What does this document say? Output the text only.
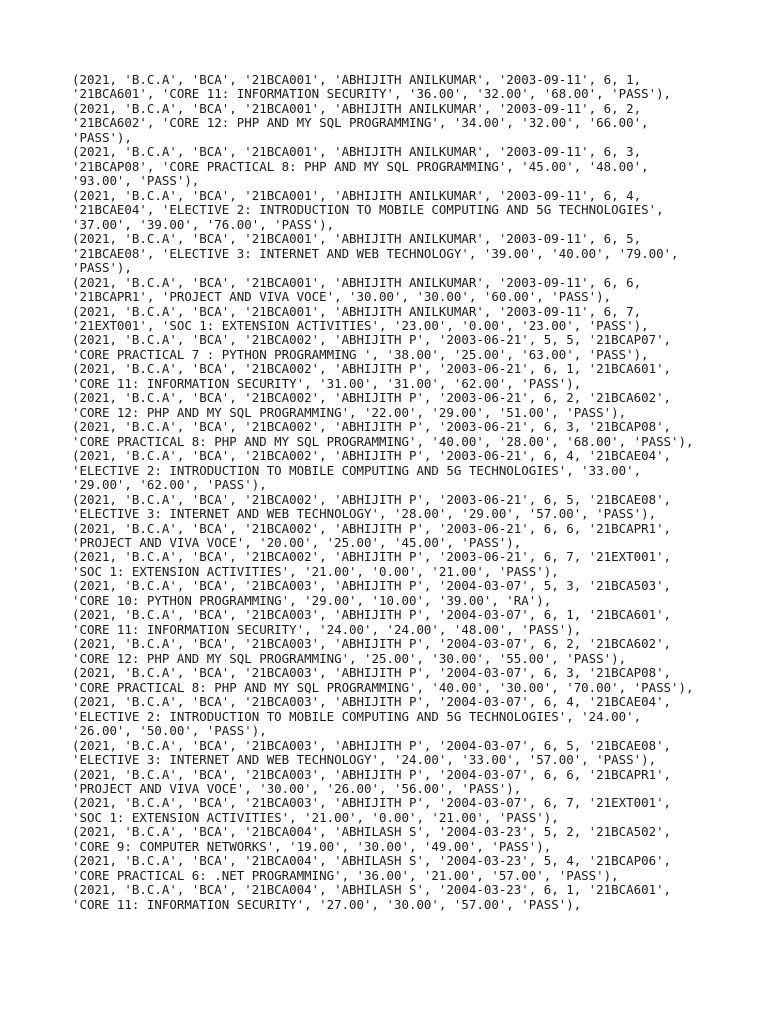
(2021, 'B.C.A', 'BCA', '21BCA001', 'ABHIJITH ANILKUMAR', '2003-09-11', 6, 1,
'21BCA601', 'CORE 11: INFORMATION SECURITY', '36.00', '32.00', '68.00', 'PASS'),
(2021, 'B.C.A', 'BCA', '21BCA001', 'ABHIJITH ANILKUMAR', '2003-09-11', 6, 2,
'21BCA602', 'CORE 12: PHP AND MY SQL PROGRAMMING', '34.00', '32.00', '66.00',
'PASS'),
(2021, 'B.C.A', 'BCA', '21BCA001', 'ABHIJITH ANILKUMAR', '2003-09-11', 6, 3,
'21BCAP08', 'CORE PRACTICAL 8: PHP AND MY SQL PROGRAMMING', '45.00', '48.00',
'93.00', 'PASS'),
(2021, 'B.C.A', 'BCA', '21BCA001', 'ABHIJITH ANILKUMAR', '2003-09-11', 6, 4,
'21BCAE04', 'ELECTIVE 2: INTRODUCTION TO MOBILE COMPUTING AND 5G TECHNOLOGIES',
'37.00', '39.00', '76.00', 'PASS'),
(2021, 'B.C.A', 'BCA', '21BCA001', 'ABHIJITH ANILKUMAR', '2003-09-11', 6, 5,
'21BCAE08', 'ELECTIVE 3: INTERNET AND WEB TECHNOLOGY', '39.00', '40.00', '79.00',
'PASS'),
(2021, 'B.C.A', 'BCA', '21BCA001', 'ABHIJITH ANILKUMAR', '2003-09-11', 6, 6,
'21BCAPR1', 'PROJECT AND VIVA VOCE', '30.00', '30.00', '60.00', 'PASS'),
(2021, 'B.C.A', 'BCA', '21BCA001', 'ABHIJITH ANILKUMAR', '2003-09-11', 6, 7,
'21EXT001', 'SOC 1: EXTENSION ACTIVITIES', '23.00', '0.00', '23.00', 'PASS'),
(2021, 'B.C.A', 'BCA', '21BCA002', 'ABHIJITH P', '2003-06-21', 5, 5, '21BCAP07',
'CORE PRACTICAL 7 : PYTHON PROGRAMMING ', '38.00', '25.00', '63.00', 'PASS'),
(2021, 'B.C.A', 'BCA', '21BCA002', 'ABHIJITH P', '2003-06-21', 6, 1, '21BCA601',
'CORE 11: INFORMATION SECURITY', '31.00', '31.00', '62.00', 'PASS'),
(2021, 'B.C.A', 'BCA', '21BCA002', 'ABHIJITH P', '2003-06-21', 6, 2, '21BCA602',
'CORE 12: PHP AND MY SQL PROGRAMMING', '22.00', '29.00', '51.00', 'PASS'),
(2021, 'B.C.A', 'BCA', '21BCA002', 'ABHIJITH P', '2003-06-21', 6, 3, '21BCAP08',
'CORE PRACTICAL 8: PHP AND MY SQL PROGRAMMING', '40.00', '28.00', '68.00', 'PASS'),
(2021, 'B.C.A', 'BCA', '21BCA002', 'ABHIJITH P', '2003-06-21', 6, 4, '21BCAE04',
'ELECTIVE 2: INTRODUCTION TO MOBILE COMPUTING AND 5G TECHNOLOGIES', '33.00',
'29.00', '62.00', 'PASS'),
(2021, 'B.C.A', 'BCA', '21BCA002', 'ABHIJITH P', '2003-06-21', 6, 5, '21BCAE08',
'ELECTIVE 3: INTERNET AND WEB TECHNOLOGY', '28.00', '29.00', '57.00', 'PASS'),
(2021, 'B.C.A', 'BCA', '21BCA002', 'ABHIJITH P', '2003-06-21', 6, 6, '21BCAPR1',
'PROJECT AND VIVA VOCE', '20.00', '25.00', '45.00', 'PASS'),
(2021, 'B.C.A', 'BCA', '21BCA002', 'ABHIJITH P', '2003-06-21', 6, 7, '21EXT001',
'SOC 1: EXTENSION ACTIVITIES', '21.00', '0.00', '21.00', 'PASS'),
(2021, 'B.C.A', 'BCA', '21BCA003', 'ABHIJITH P', '2004-03-07', 5, 3, '21BCA503',
'CORE 10: PYTHON PROGRAMMING', '29.00', '10.00', '39.00', 'RA'),
(2021, 'B.C.A', 'BCA', '21BCA003', 'ABHIJITH P', '2004-03-07', 6, 1, '21BCA601',
'CORE 11: INFORMATION SECURITY', '24.00', '24.00', '48.00', 'PASS'),
(2021, 'B.C.A', 'BCA', '21BCA003', 'ABHIJITH P', '2004-03-07', 6, 2, '21BCA602',
'CORE 12: PHP AND MY SQL PROGRAMMING', '25.00', '30.00', '55.00', 'PASS'),
(2021, 'B.C.A', 'BCA', '21BCA003', 'ABHIJITH P', '2004-03-07', 6, 3, '21BCAP08',
'CORE PRACTICAL 8: PHP AND MY SQL PROGRAMMING', '40.00', '30.00', '70.00', 'PASS'),
(2021, 'B.C.A', 'BCA', '21BCA003', 'ABHIJITH P', '2004-03-07', 6, 4, '21BCAE04',
'ELECTIVE 2: INTRODUCTION TO MOBILE COMPUTING AND 5G TECHNOLOGIES', '24.00',
'26.00', '50.00', 'PASS'),
(2021, 'B.C.A', 'BCA', '21BCA003', 'ABHIJITH P', '2004-03-07', 6, 5, '21BCAE08',
'ELECTIVE 3: INTERNET AND WEB TECHNOLOGY', '24.00', '33.00', '57.00', 'PASS'),
(2021, 'B.C.A', 'BCA', '21BCA003', 'ABHIJITH P', '2004-03-07', 6, 6, '21BCAPR1',
'PROJECT AND VIVA VOCE', '30.00', '26.00', '56.00', 'PASS'),
(2021, 'B.C.A', 'BCA', '21BCA003', 'ABHIJITH P', '2004-03-07', 6, 7, '21EXT001',
'SOC 1: EXTENSION ACTIVITIES', '21.00', '0.00', '21.00', 'PASS'),
(2021, 'B.C.A', 'BCA', '21BCA004', 'ABHILASH S', '2004-03-23', 5, 2, '21BCA502',
'CORE 9: COMPUTER NETWORKS', '19.00', '30.00', '49.00', 'PASS'),
(2021, 'B.C.A', 'BCA', '21BCA004', 'ABHILASH S', '2004-03-23', 5, 4, '21BCAP06',
'CORE PRACTICAL 6: .NET PROGRAMMING', '36.00', '21.00', '57.00', 'PASS'),
(2021, 'B.C.A', 'BCA', '21BCA004', 'ABHILASH S', '2004-03-23', 6, 1, '21BCA601',
'CORE 11: INFORMATION SECURITY', '27.00', '30.00', '57.00', 'PASS'),
